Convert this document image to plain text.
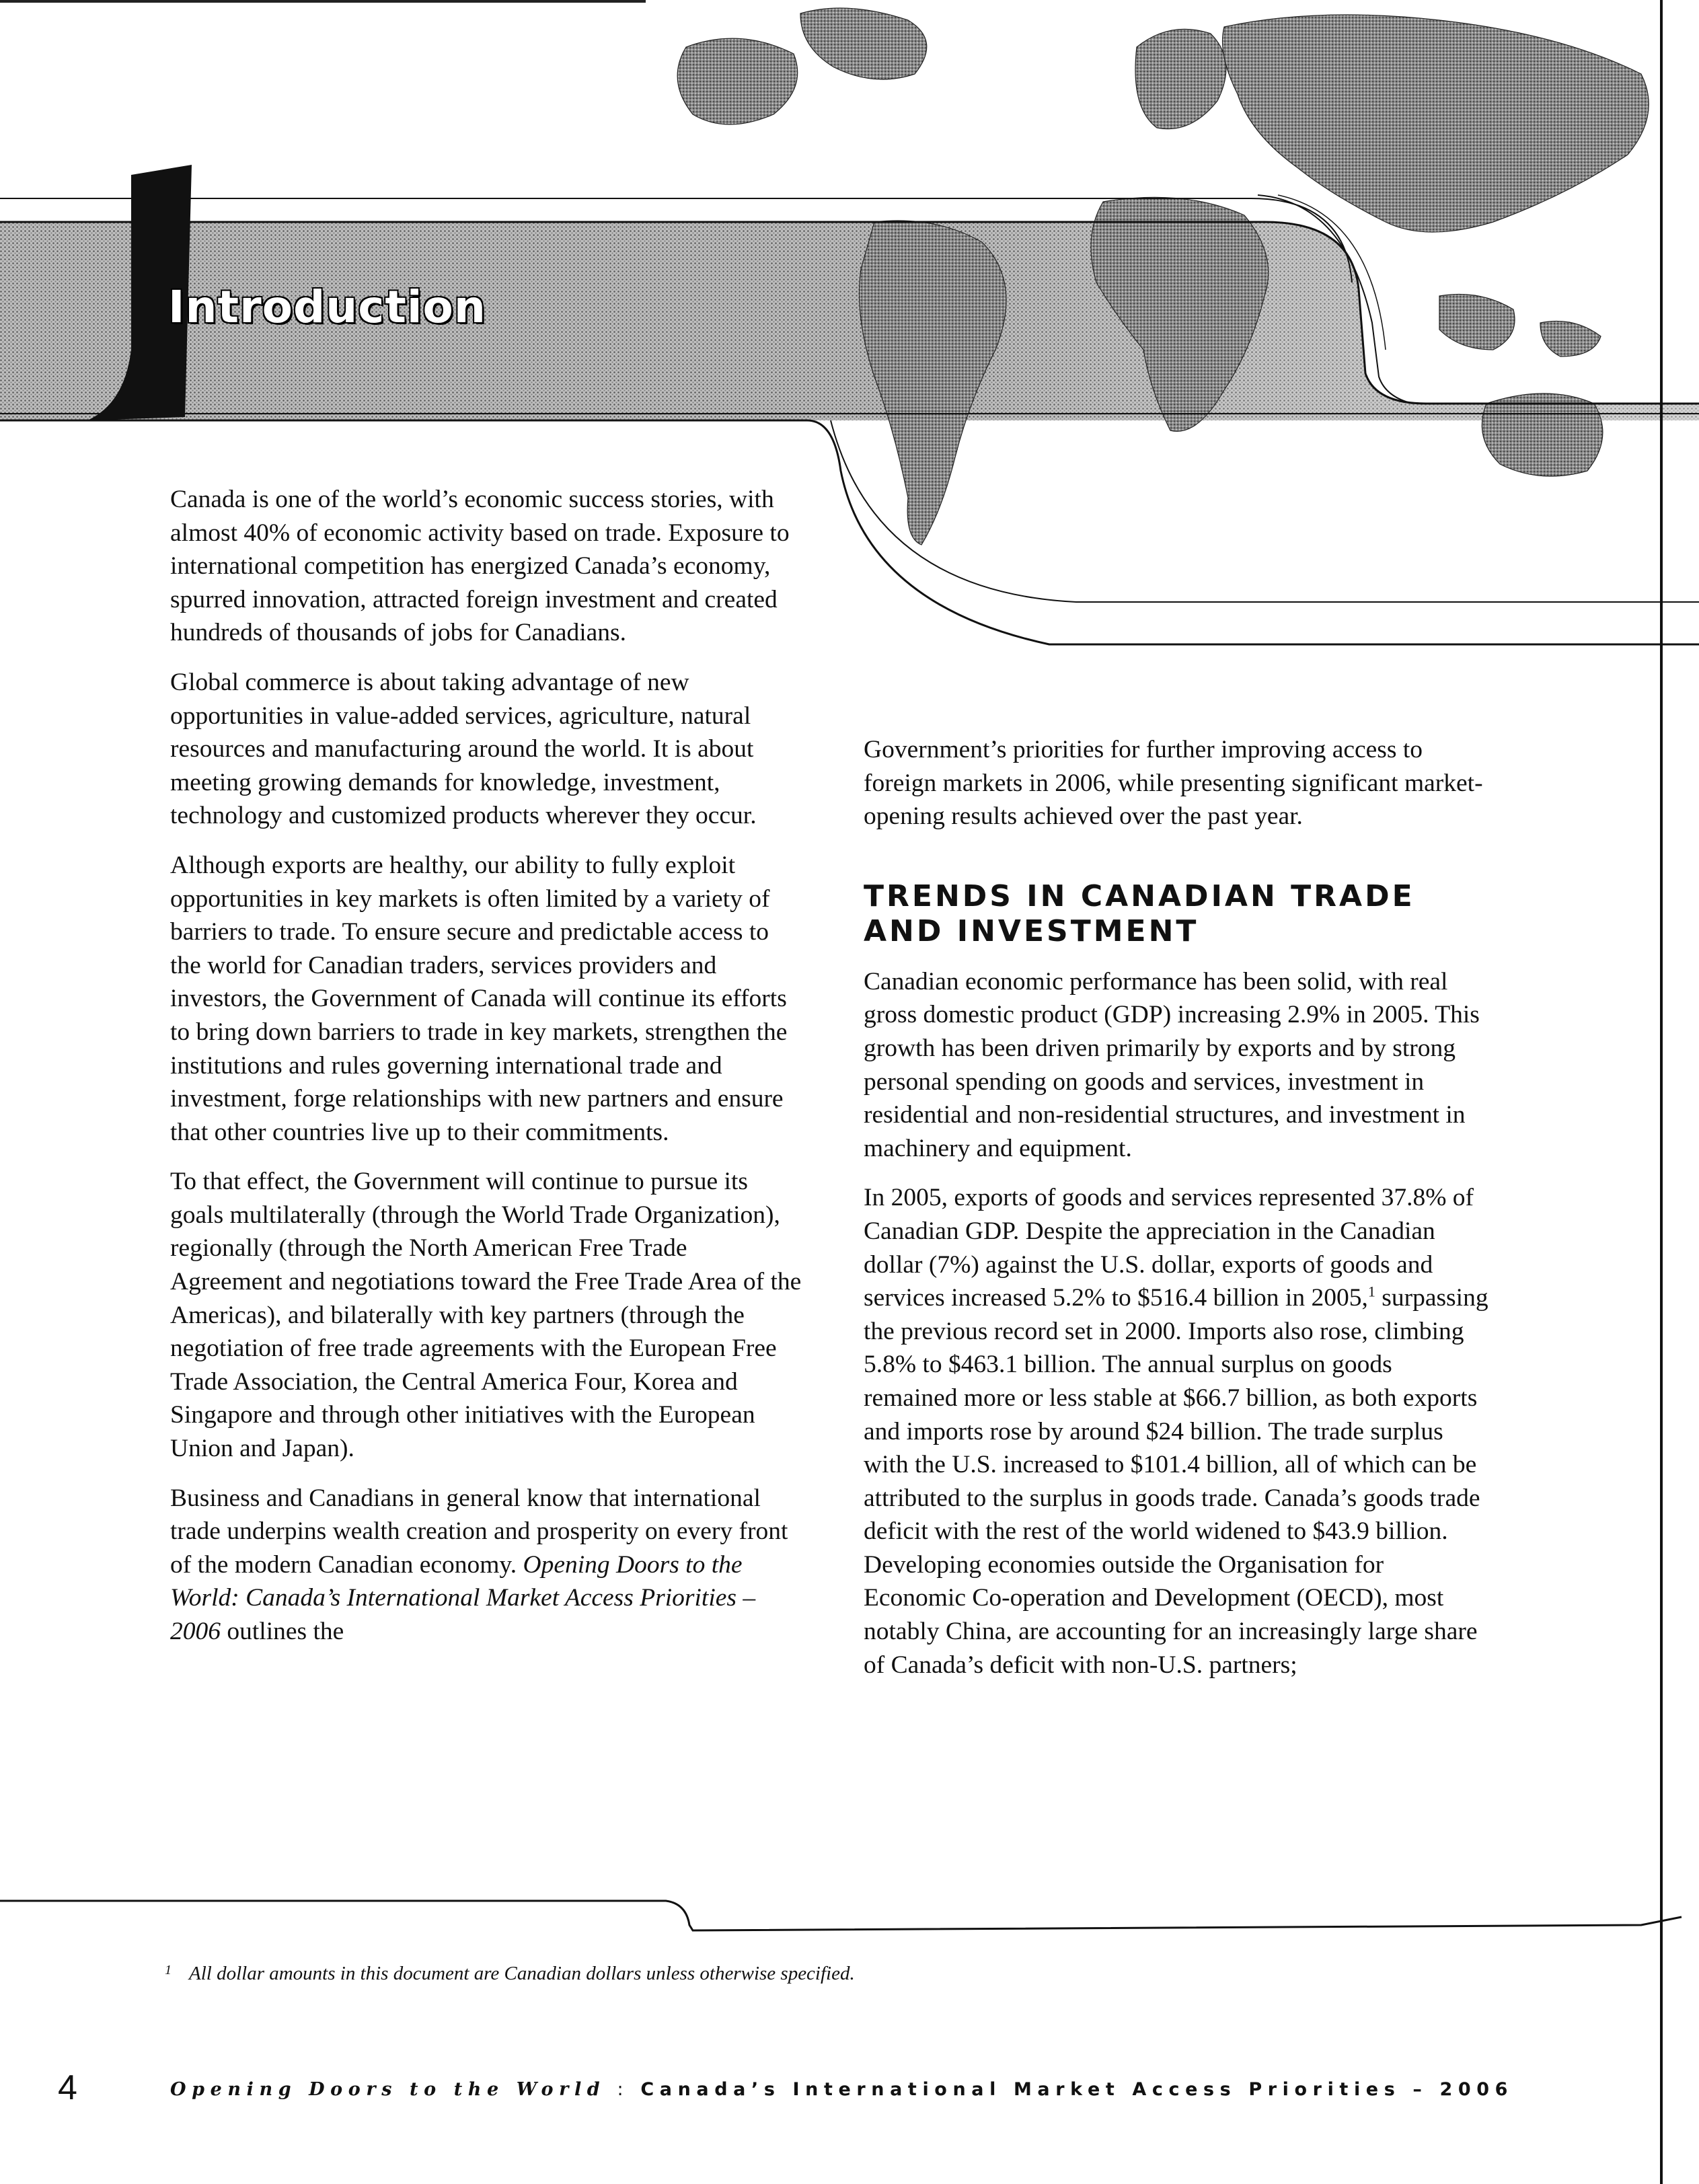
Introduction

Canada is one of the world’s economic success stories, with almost 40% of economic activity based on trade. Exposure to international competition has energized Canada’s economy, spurred innovation, attracted foreign investment and created hundreds of thousands of jobs for Canadians.

Global commerce is about taking advantage of new opportunities in value-added services, agriculture, natural resources and manufacturing around the world. It is about meeting growing demands for knowledge, investment, technology and customized products wherever they occur.

Although exports are healthy, our ability to fully exploit opportunities in key markets is often limited by a variety of barriers to trade. To ensure secure and predictable access to the world for Canadian traders, services providers and investors, the Government of Canada will continue its efforts to bring down barriers to trade in key markets, strengthen the institutions and rules governing international trade and investment, forge relationships with new partners and ensure that other countries live up to their commitments.

To that effect, the Government will continue to pursue its goals multilaterally (through the World Trade Organization), regionally (through the North American Free Trade Agreement and negotiations toward the Free Trade Area of the Americas), and bilaterally with key partners (through the negotiation of free trade agreements with the European Free Trade Association, the Central America Four, Korea and Singapore and through other initiatives with the European Union and Japan).

Business and Canadians in general know that international trade underpins wealth creation and prosperity on every front of the modern Canadian economy. Opening Doors to the World: Canada’s International Market Access Priorities – 2006 outlines the

Government’s priorities for further improving access to foreign markets in 2006, while presenting significant market-opening results achieved over the past year.

TRENDS IN CANADIAN TRADE AND INVESTMENT

Canadian economic performance has been solid, with real gross domestic product (GDP) increasing 2.9% in 2005. This growth has been driven primarily by exports and by strong personal spending on goods and services, investment in residential and non-residential structures, and investment in machinery and equipment.

In 2005, exports of goods and services represented 37.8% of Canadian GDP. Despite the appreciation in the Canadian dollar (7%) against the U.S. dollar, exports of goods and services increased 5.2% to $516.4 billion in 2005,$^1$ surpassing the previous record set in 2000. Imports also rose, climbing 5.8% to $463.1 billion. The annual surplus on goods remained more or less stable at $66.7 billion, as both exports and imports rose by around $24 billion. The trade surplus with the U.S. increased to $101.4 billion, all of which can be attributed to the surplus in goods trade. Canada’s goods trade deficit with the rest of the world widened to $43.9 billion. Developing economies outside the Organisation for Economic Co-operation and Development (OECD), most notably China, are accounting for an increasingly large share of Canada’s deficit with non-U.S. partners;

$^1$ All dollar amounts in this document are Canadian dollars unless otherwise specified.
4	Opening Doors to the World : Canada’s International Market Access Priorities – 2006
